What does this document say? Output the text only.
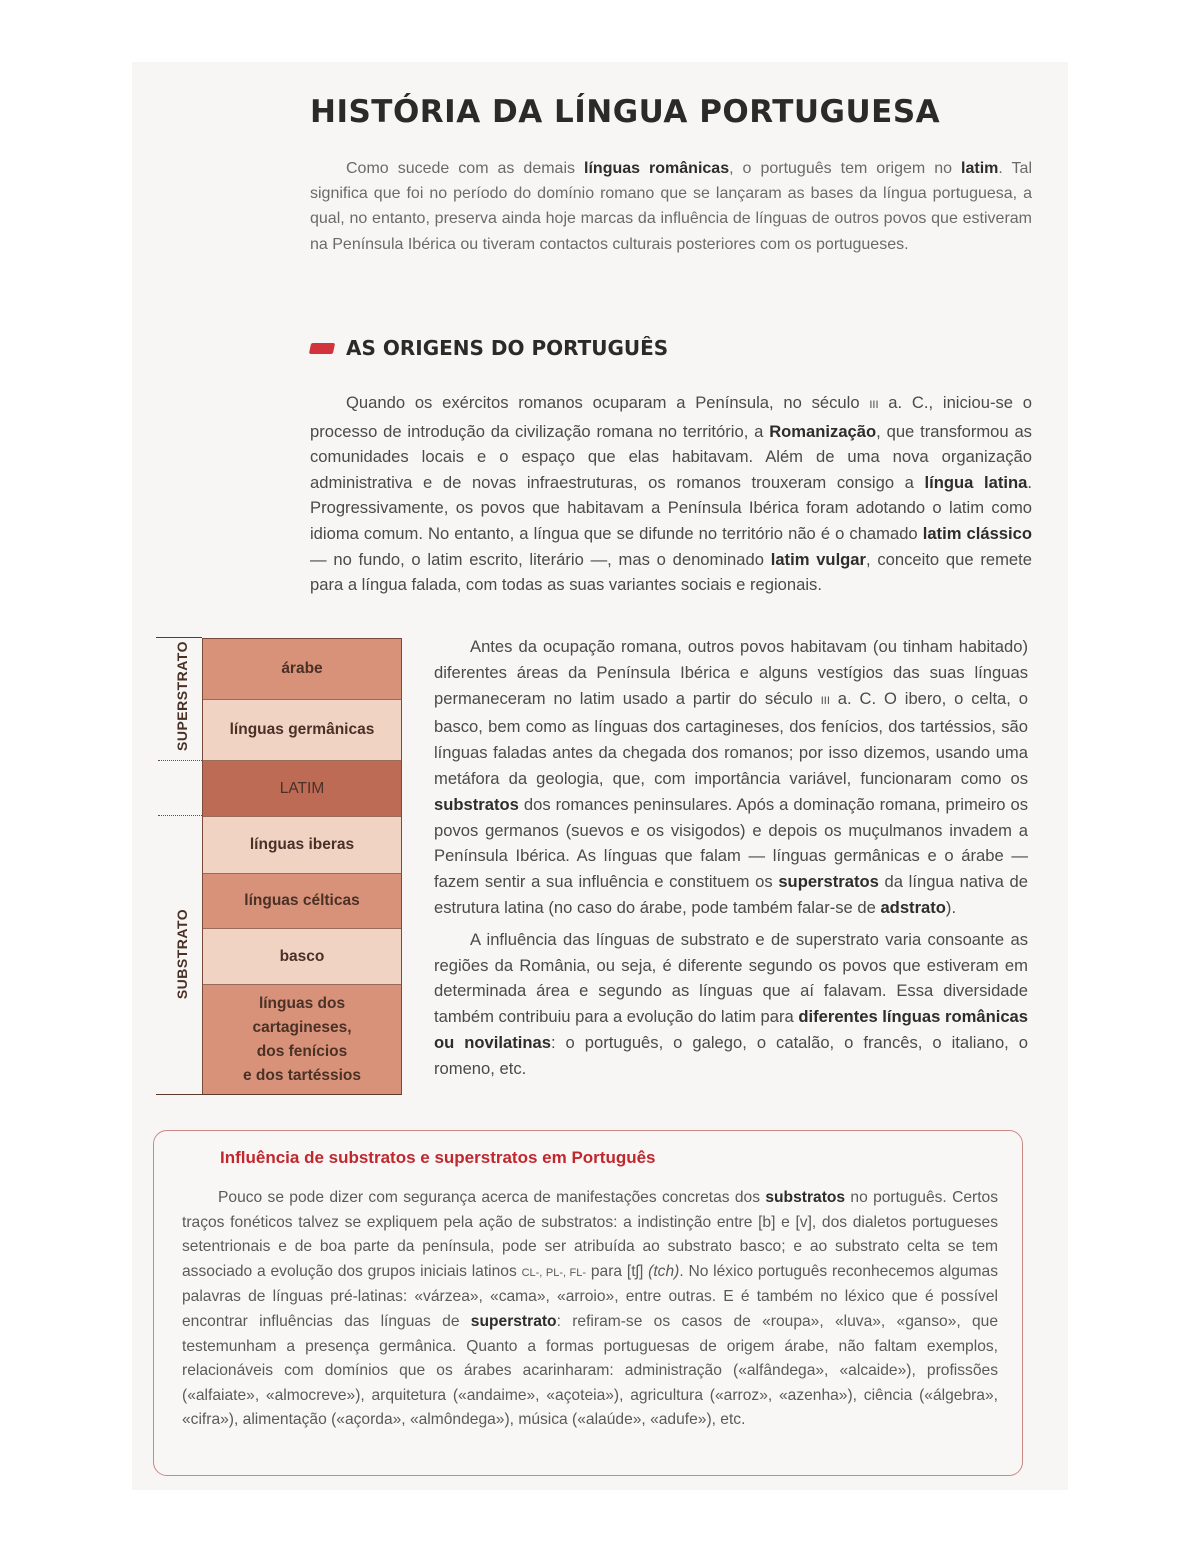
HISTÓRIA DA LÍNGUA PORTUGUESA

Como sucede com as demais línguas românicas, o português tem origem no latim. Tal significa que foi no período do domínio romano que se lançaram as bases da língua portuguesa, a qual, no entanto, preserva ainda hoje marcas da influência de línguas de outros povos que estiveram na Península Ibérica ou tiveram contactos culturais posteriores com os portugueses.

AS ORIGENS DO PORTUGUÊS

Quando os exércitos romanos ocuparam a Península, no século III a. C., iniciou-se o processo de introdução da civilização romana no território, a Romanização, que transformou as comunidades locais e o espaço que elas habitavam. Além de uma nova organização administrativa e de novas infraestruturas, os romanos trouxeram consigo a língua latina. Progressivamente, os povos que habitavam a Península Ibérica foram adotando o latim como idioma comum. No entanto, a língua que se difunde no território não é o chamado latim clássico — no fundo, o latim escrito, literário —, mas o denominado latim vulgar, conceito que remete para a língua falada, com todas as suas variantes sociais e regionais.

SUPERSTRATO
SUBSTRATO
árabe
línguas germânicas
LATIM
línguas iberas
línguas célticas
basco
línguas dos
cartagineses,
dos fenícios
e dos tartéssios

Antes da ocupação romana, outros povos habitavam (ou tinham habitado) diferentes áreas da Península Ibérica e alguns vestígios das suas línguas permaneceram no latim usado a partir do século III a. C. O ibero, o celta, o basco, bem como as línguas dos cartagineses, dos fenícios, dos tartéssios, são línguas faladas antes da chegada dos romanos; por isso dizemos, usando uma metáfora da geologia, que, com importância variável, funcionaram como os substratos dos romances peninsulares. Após a dominação romana, primeiro os povos germanos (suevos e os visigodos) e depois os muçulmanos invadem a Península Ibérica. As línguas que falam — línguas germânicas e o árabe — fazem sentir a sua influência e constituem os superstratos da língua nativa de estrutura latina (no caso do árabe, pode também falar-se de adstrato).

A influência das línguas de substrato e de superstrato varia consoante as regiões da România, ou seja, é diferente segundo os povos que estiveram em determinada área e segundo as línguas que aí falavam. Essa diversidade também contribuiu para a evolução do latim para diferentes línguas românicas ou novilatinas: o português, o galego, o catalão, o francês, o italiano, o romeno, etc.

Influência de substratos e superstratos em Português

Pouco se pode dizer com segurança acerca de manifestações concretas dos substratos no português. Certos traços fonéticos talvez se expliquem pela ação de substratos: a indistinção entre [b] e [v], dos dialetos portugueses setentrionais e de boa parte da península, pode ser atribuída ao substrato basco; e ao substrato celta se tem associado a evolução dos grupos iniciais latinos CL-, PL-, FL- para [tʃ] (tch). No léxico português reconhecemos algumas palavras de línguas pré-latinas: «várzea», «cama», «arroio», entre outras. E é também no léxico que é possível encontrar influências das línguas de superstrato: refiram-se os casos de «roupa», «luva», «ganso», que testemunham a presença germânica. Quanto a formas portuguesas de origem árabe, não faltam exemplos, relacionáveis com domínios que os árabes acarinharam: administração («alfândega», «alcaide»), profissões («alfaiate», «almocreve»), arquitetura («andaime», «açoteia»), agricultura («arroz», «azenha»), ciência («álgebra», «cifra»), alimentação («açorda», «almôndega»), música («alaúde», «adufe»), etc.
